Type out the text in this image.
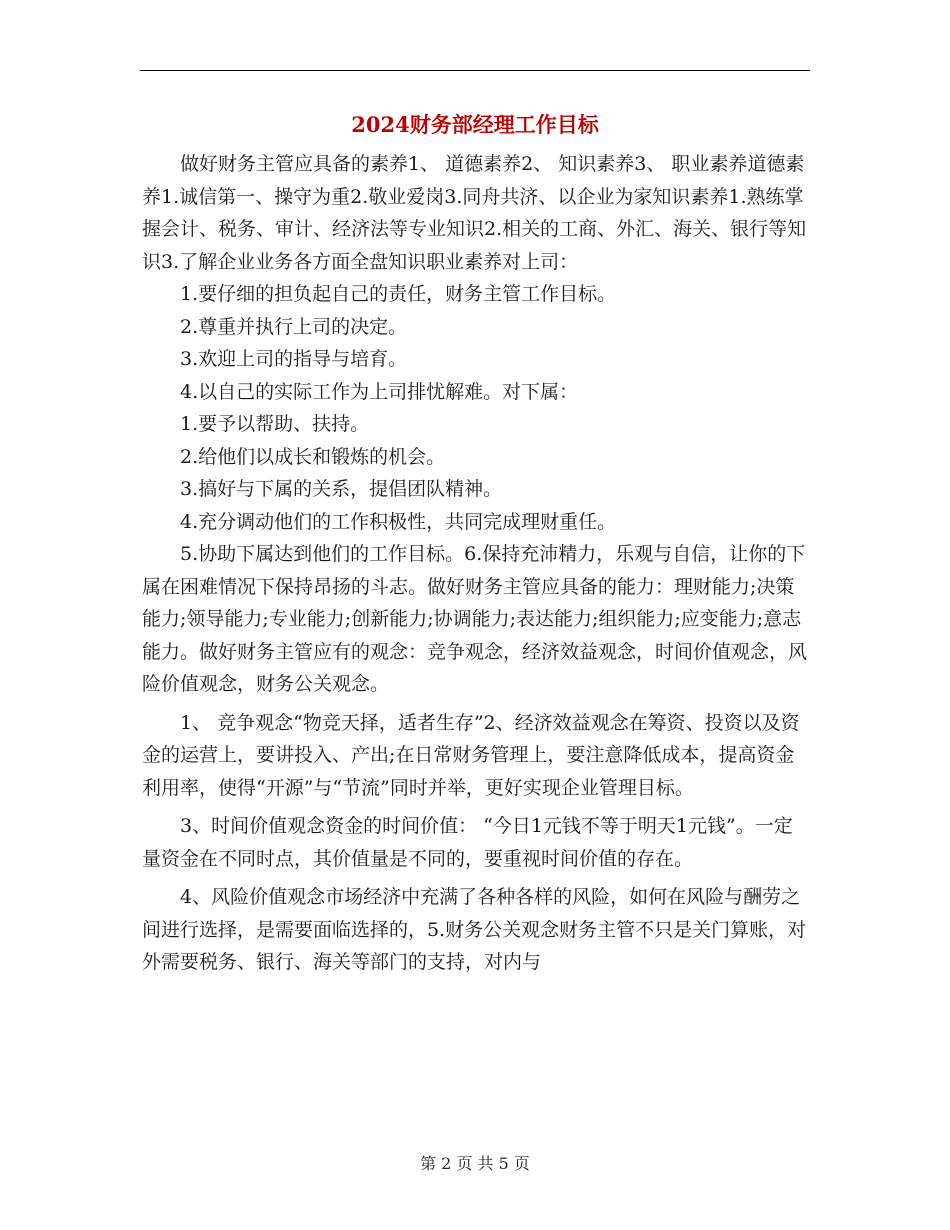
2024财务部经理工作目标

做好财务主管应具备的素养1、 道德素养2、 知识素养3、 职业素养道德素养1.诚信第一、操守为重2.敬业爱岗3.同舟共济、以企业为家知识素养1.熟练掌握会计、税务、审计、经济法等专业知识2.相关的工商、外汇、海关、银行等知识3.了解企业业务各方面全盘知识职业素养对上司：

1.要仔细的担负起自己的责任，财务主管工作目标。

2.尊重并执行上司的决定。

3.欢迎上司的指导与培育。

4.以自己的实际工作为上司排忧解难。对下属：

1.要予以帮助、扶持。

2.给他们以成长和锻炼的机会。

3.搞好与下属的关系，提倡团队精神。

4.充分调动他们的工作积极性，共同完成理财重任。

5.协助下属达到他们的工作目标。6.保持充沛精力，乐观与自信，让你的下属在困难情况下保持昂扬的斗志。做好财务主管应具备的能力：理财能力;决策能力;领导能力;专业能力;创新能力;协调能力;表达能力;组织能力;应变能力;意志能力。做好财务主管应有的观念：竞争观念，经济效益观念，时间价值观念，风险价值观念，财务公关观念。

1、 竞争观念“物竞天择，适者生存”2、经济效益观念在筹资、投资以及资金的运营上，要讲投入、产出;在日常财务管理上，要注意降低成本，提高资金利用率，使得“开源”与“节流”同时并举，更好实现企业管理目标。

3、时间价值观念资金的时间价值： “今日1元钱不等于明天1元钱”。一定量资金在不同时点，其价值量是不同的，要重视时间价值的存在。

4、风险价值观念市场经济中充满了各种各样的风险，如何在风险与酬劳之间进行选择，是需要面临选择的，5.财务公关观念财务主管不只是关门算账，对外需要税务、银行、海关等部门的支持，对内与

第 2 页 共 5 页
